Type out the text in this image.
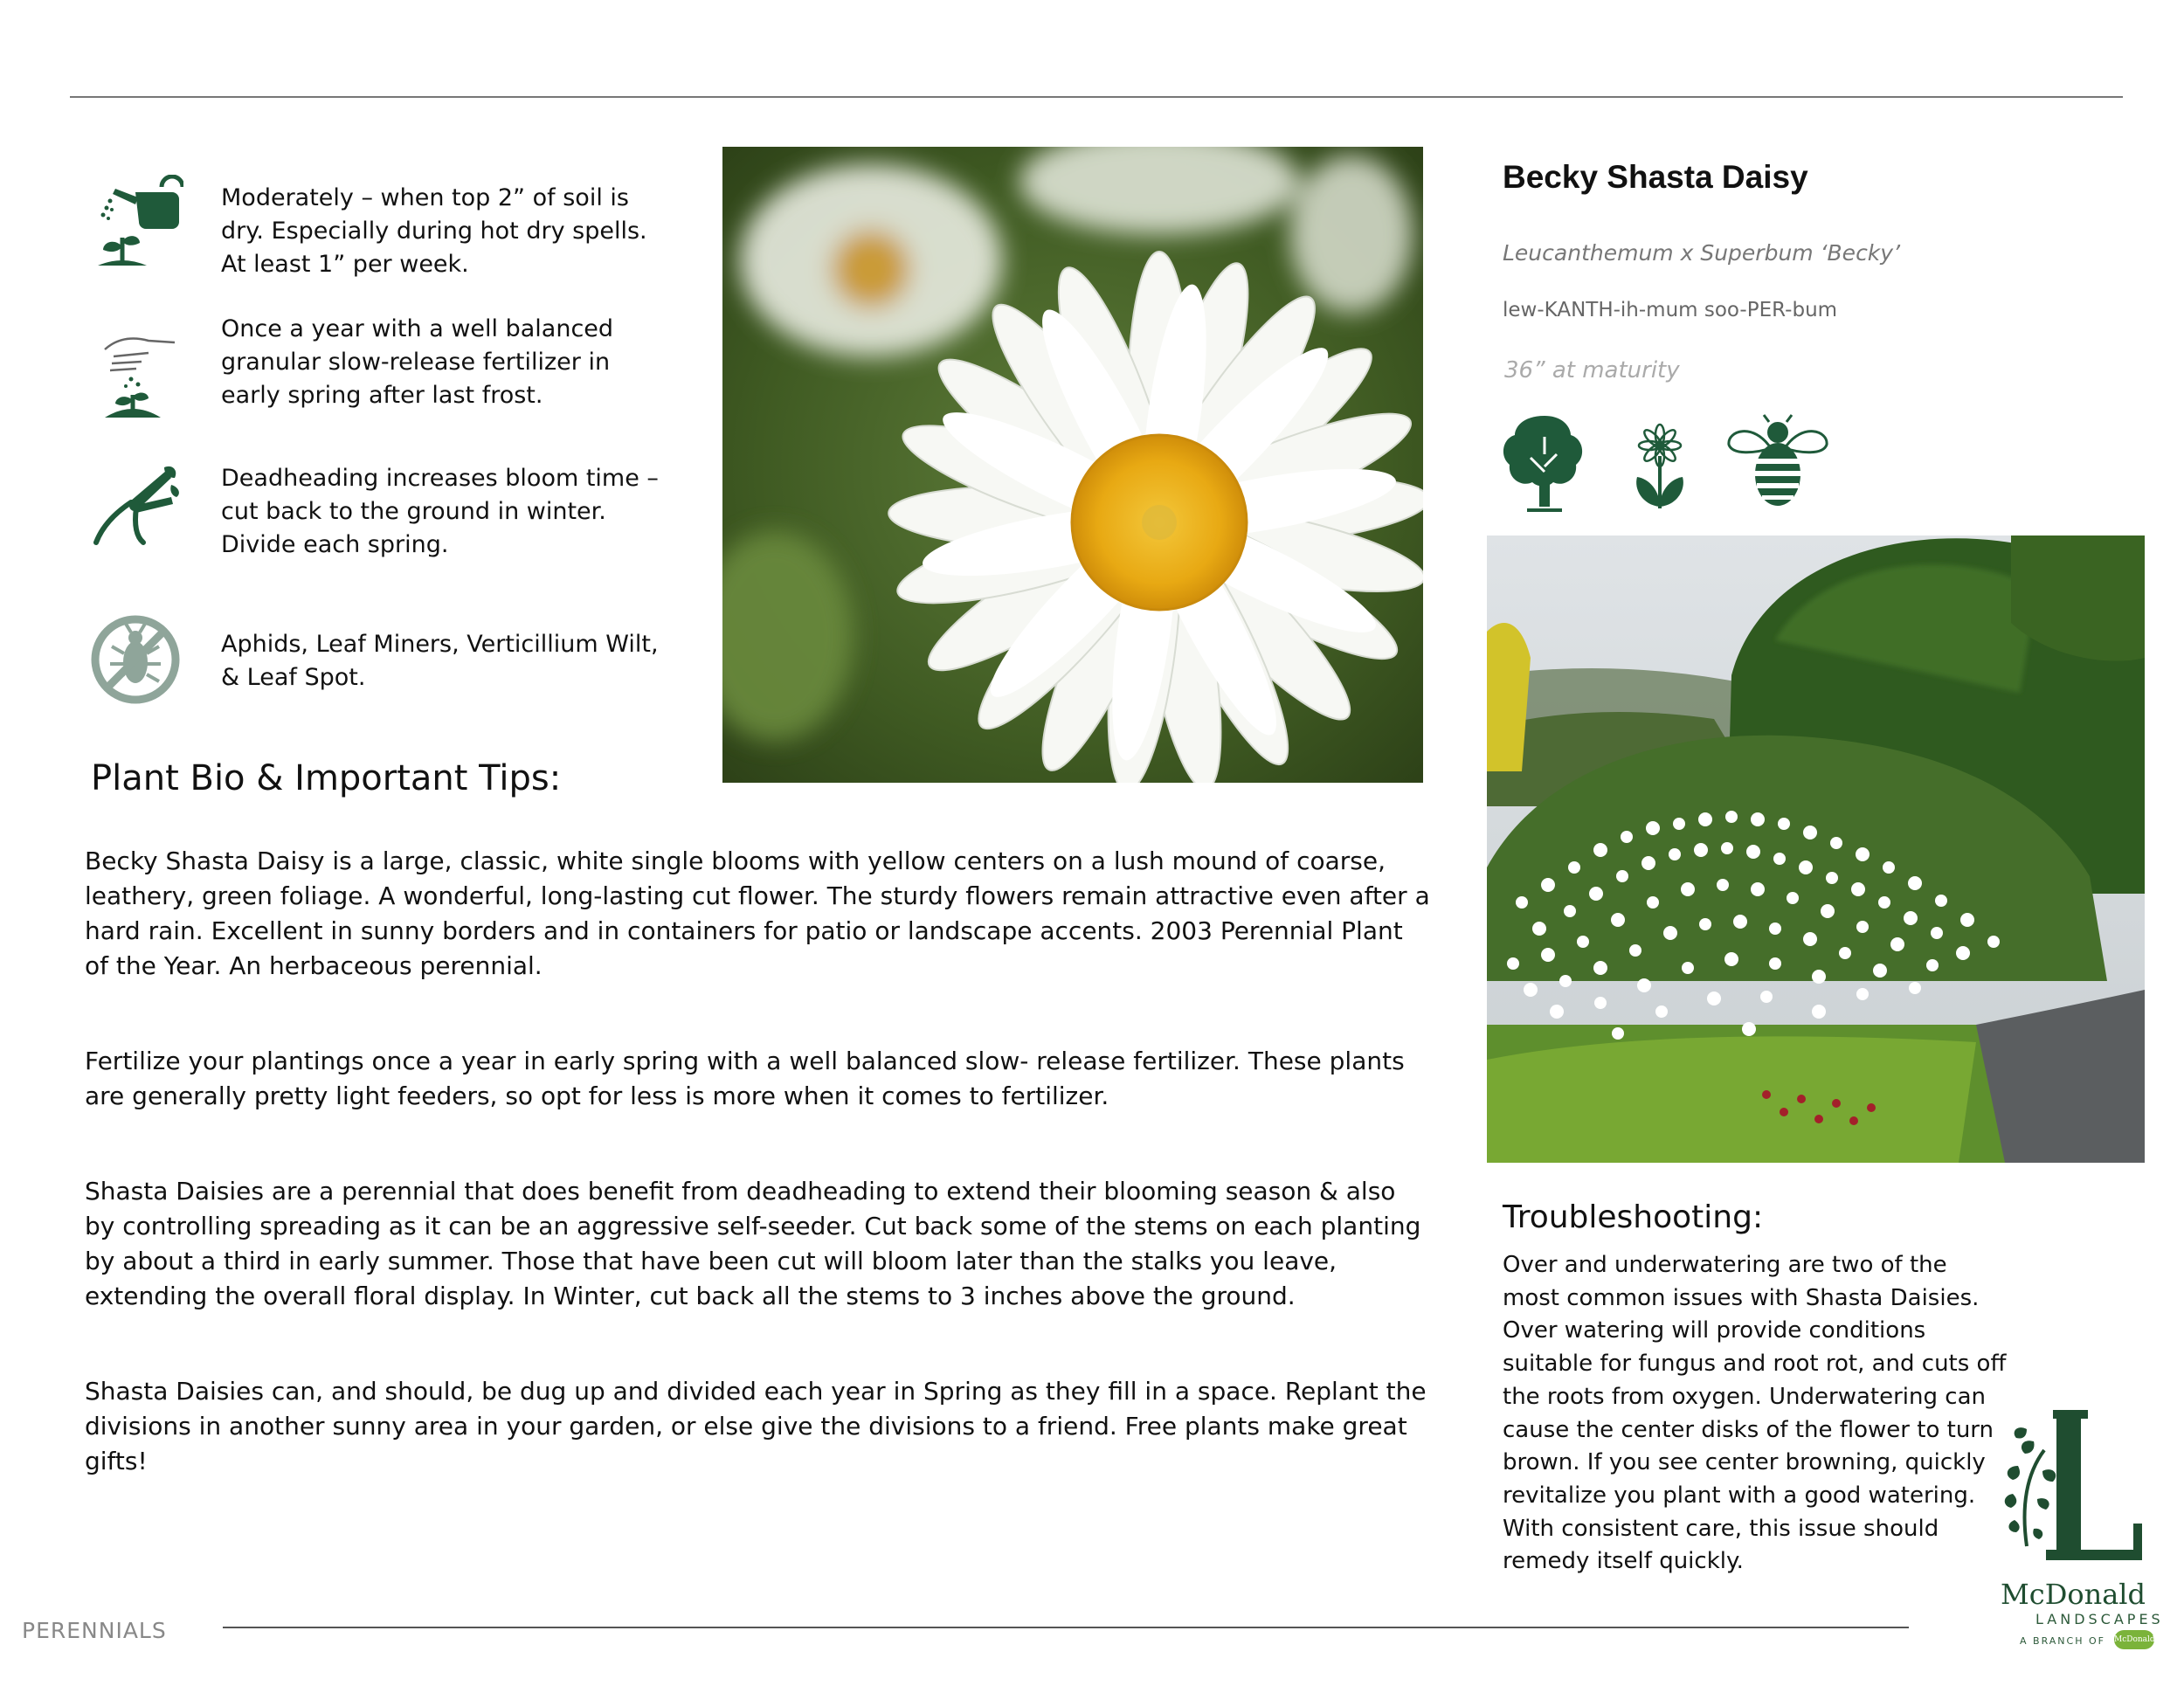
Moderately – when top 2” of soil is dry. Especially during hot dry spells. At least 1” per week.
Once a year with a well balanced granular slow-release fertilizer in early spring after last frost.
Deadheading increases bloom time – cut back to the ground in winter. Divide each spring.
Aphids, Leaf Miners, Verticillium Wilt, & Leaf Spot.
Becky Shasta Daisy
Leucanthemum x Superbum ‘Becky’
lew-KANTH-ih-mum soo-PER-bum
36” at maturity
Plant Bio & Important Tips:

Becky Shasta Daisy is a large, classic, white single blooms with yellow centers on a lush mound of coarse, leathery, green foliage. A wonderful, long-lasting cut flower. The sturdy flowers remain attractive even after a hard rain. Excellent in sunny borders and in containers for patio or landscape accents. 2003 Perennial Plant of the Year. An herbaceous perennial.

Fertilize your plantings once a year in early spring with a well balanced slow- release fertilizer. These plants are generally pretty light feeders, so opt for less is more when it comes to fertilizer.

Shasta Daisies are a perennial that does benefit from deadheading to extend their blooming season & also by controlling spreading as it can be an aggressive self-seeder. Cut back some of the stems on each planting by about a third in early summer. Those that have been cut will bloom later than the stalks you leave, extending the overall floral display. In Winter, cut back all the stems to 3 inches above the ground.

Shasta Daisies can, and should, be dug up and divided each year in Spring as they fill in a space. Replant the divisions in another sunny area in your garden, or else give the divisions to a friend. Free plants make great gifts!

Troubleshooting:
Over and underwatering are two of the
most common issues with Shasta Daisies.
Over watering will provide conditions
suitable for fungus and root rot, and cuts off
the roots from oxygen. Underwatering can
cause the center disks of the flower to turn
brown. If you see center browning, quickly
revitalize you plant with a good watering.
With consistent care, this issue should
remedy itself quickly.
PERENNIALS
McDonald
LANDSCAPES
A BRANCH OF McDonald
